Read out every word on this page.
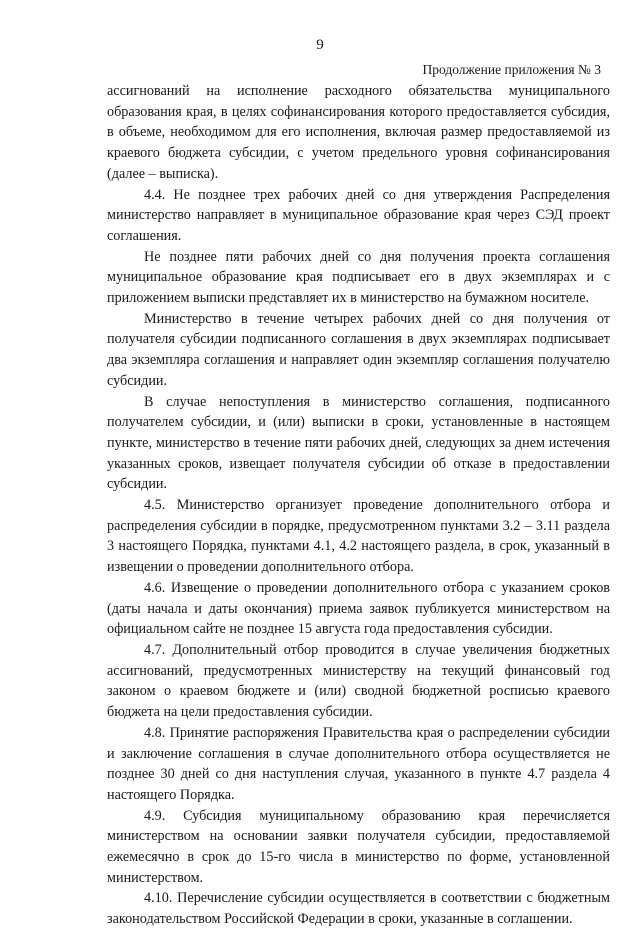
9
Продолжение приложения № 3

ассигнований на исполнение расходного обязательства муниципального образования края, в целях софинансирования которого предоставляется субсидия, в объеме, необходимом для его исполнения, включая размер предоставляемой из краевого бюджета субсидии, с учетом предельного уровня софинансирования (далее – выписка).

4.4. Не позднее трех рабочих дней со дня утверждения Распределения министерство направляет в муниципальное образование края через СЭД проект соглашения.

Не позднее пяти рабочих дней со дня получения проекта соглашения муниципальное образование края подписывает его в двух экземплярах и с приложением выписки представляет их в министерство на бумажном носителе.

Министерство в течение четырех рабочих дней со дня получения от получателя субсидии подписанного соглашения в двух экземплярах подписывает два экземпляра соглашения и направляет один экземпляр соглашения получателю субсидии.

В случае непоступления в министерство соглашения, подписанного получателем субсидии, и (или) выписки в сроки, установленные в настоящем пункте, министерство в течение пяти рабочих дней, следующих за днем истечения указанных сроков, извещает получателя субсидии об отказе в предоставлении субсидии.

4.5. Министерство организует проведение дополнительного отбора и распределения субсидии в порядке, предусмотренном пунктами 3.2 – 3.11 раздела 3 настоящего Порядка, пунктами 4.1, 4.2 настоящего раздела, в срок, указанный в извещении о проведении дополнительного отбора.

4.6. Извещение о проведении дополнительного отбора с указанием сроков (даты начала и даты окончания) приема заявок публикуется министерством на официальном сайте не позднее 15 августа года предоставления субсидии.

4.7. Дополнительный отбор проводится в случае увеличения бюджетных ассигнований, предусмотренных министерству на текущий финансовый год законом о краевом бюджете и (или) сводной бюджетной росписью краевого бюджета на цели предоставления субсидии.

4.8. Принятие распоряжения Правительства края о распределении субсидии и заключение соглашения в случае дополнительного отбора осуществляется не позднее 30 дней со дня наступления случая, указанного в пункте 4.7 раздела 4 настоящего Порядка.

4.9. Субсидия муниципальному образованию края перечисляется министерством на основании заявки получателя субсидии, предоставляемой ежемесячно в срок до 15-го числа в министерство по форме, установленной министерством.

4.10. Перечисление субсидии осуществляется в соответствии с бюджетным законодательством Российской Федерации в сроки, указанные в соглашении.
